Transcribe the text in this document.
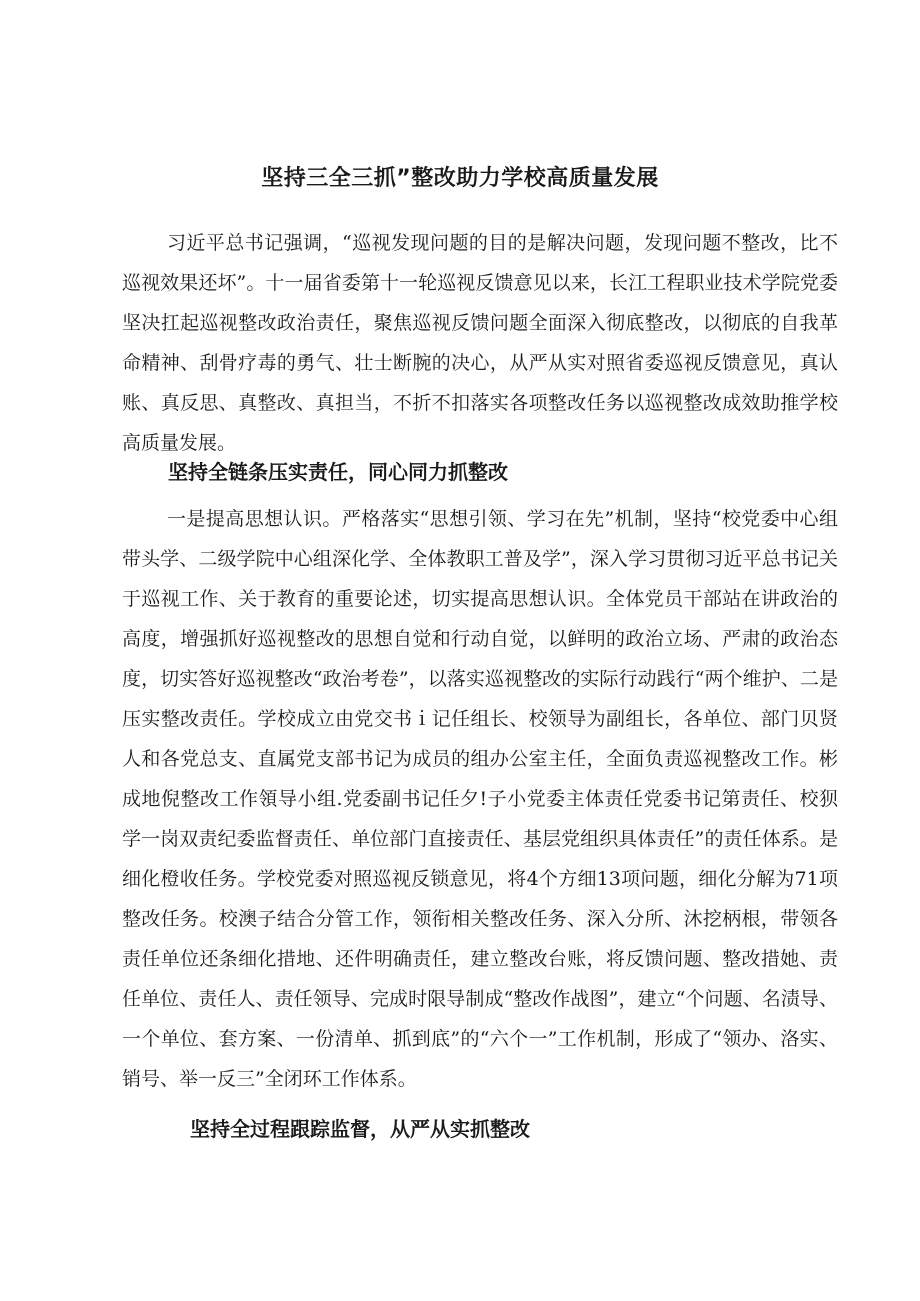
坚持三全三抓”整改助力学校高质量发展
习近平总书记强调，“巡视发现问题的目的是解决问题，发现问题不整改，比不巡视效果还坏”。十一届省委第十一轮巡视反馈意见以来，长江工程职业技术学院党委坚决扛起巡视整改政治责任，聚焦巡视反馈问题全面深入彻底整改，以彻底的自我革命精神、刮骨疗毒的勇气、壮士断腕的决心，从严从实对照省委巡视反馈意见，真认账、真反思、真整改、真担当，不折不扣落实各项整改任务以巡视整改成效助推学校高质量发展。
坚持全链条压实责任，同心同力抓整改
一是提高思想认识。严格落实“思想引领、学习在先”机制，坚持“校党委中心组带头学、二级学院中心组深化学、全体教职工普及学”，深入学习贯彻习近平总书记关于巡视工作、关于教育的重要论述，切实提高思想认识。全体党员干部站在讲政治的高度，增强抓好巡视整改的思想自觉和行动自觉，以鲜明的政治立场、严肃的政治态度，切实答好巡视整改“政治考卷”，以落实巡视整改的实际行动践行“两个维护、二是压实整改责任。学校成立由党交书ｉ记任组长、校领导为副组长，各单位、部门贝贤人和各党总支、直属党支部书记为成员的组办公室主任，全面负责巡视整改工作。彬成地倪整改工作領导小组.党委副书记任夕!子小党委主体责任党委书记第责任、校狈学一岗双责纪委监督责任、单位部门直接责任、基层党组织具体责任”的责任体系。是细化橙收任务。学校党委对照巡视反锁意见，将4个方细13项问题，细化分解为71项整改任务。校澳子结合分管工作，领衔相关整改任务、深入分所、沐挖柄根，带领各责任单位还条细化措地、还件明确责任，建立整改台账，将反馈问题、整改措她、责任单位、责任人、责任领导、完成时限导制成“整改作战图”，建立“个问题、名渍导、一个单位、套方案、一份清单、抓到底”的“六个一”工作机制，形成了“领办、洛实、销号、举一反三”全闭环工作体系。
坚持全过程跟踪监督，从严从实抓整改
